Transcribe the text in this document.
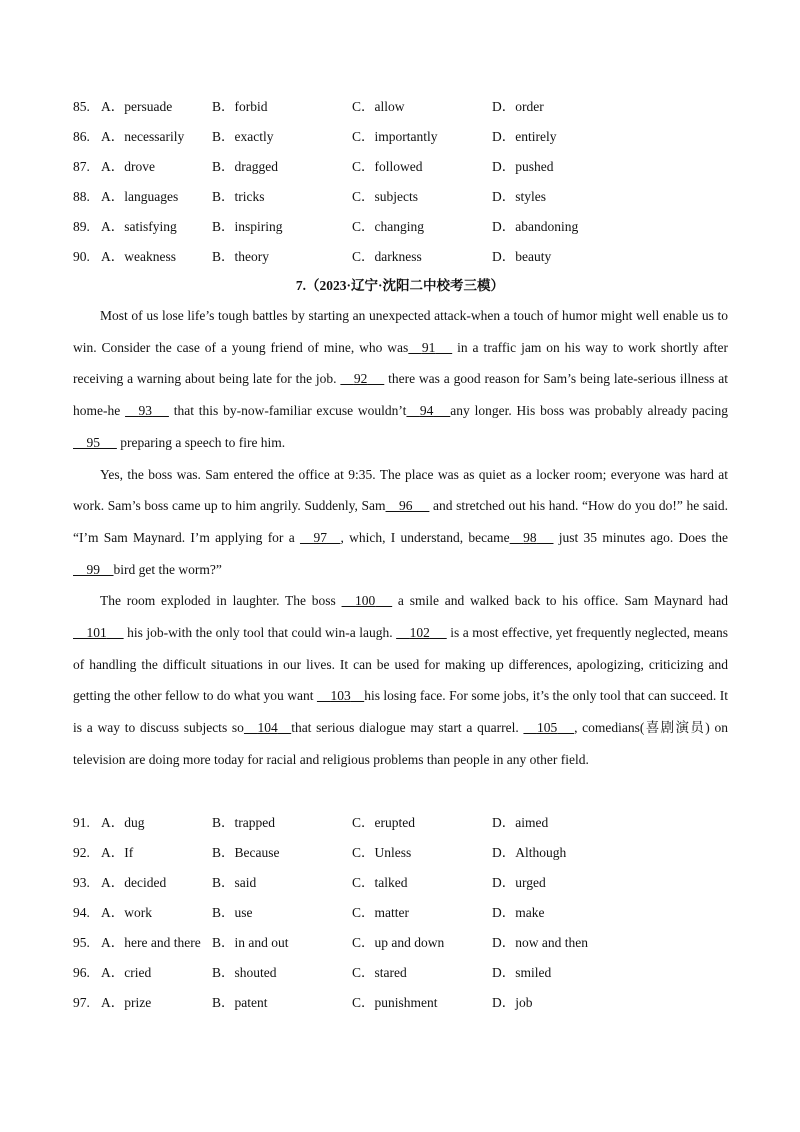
85. A．persuade	B．forbid	C．allow	D．order
86. A．necessarily B．exactly	C．importantly	D．entirely
87. A．drove	B．dragged	C．followed	D．pushed
88. A．languages	B．tricks	C．subjects	D．styles
89. A．satisfying	B．inspiring	C．changing	D．abandoning
90. A．weakness	B．theory	C．darkness	D．beauty
7.（2023·辽宁·沈阳二中校考三模）

Most of us lose life’s tough battles by starting an unexpected attack-when a touch of humor might well enable us to win. Consider the case of a young friend of mine, who was 91      in a traffic jam on his way to work shortly after receiving a warning about being late for the job.     92      there was a good reason for Sam’s being late-serious illness at home-he     93      that this by-now-familiar excuse wouldn’t 94 any longer. His boss was probably already pacing     95      preparing a speech to fire him.

Yes, the boss was. Sam entered the office at 9:35. The place was as quiet as a locker room; everyone was hard at work. Sam’s boss came up to him angrily. Suddenly, Sam 96      and stretched out his hand. “How do you do!” he said. “I’m Sam Maynard. I’m applying for a     97 , which, I understand, became 98      just 35 minutes ago. Does the     99 bird get the worm?”

The room exploded in laughter. The boss     100      a smile and walked back to his office. Sam Maynard had     101      his job-with the only tool that could win-a laugh.     102      is a most effective, yet frequently neglected, means of handling the difficult situations in our lives. It can be used for making up differences, apologizing, criticizing and getting the other fellow to do what you want     103 his losing face. For some jobs, it’s the only tool that can succeed. It is a way to discuss subjects so 104 that serious dialogue may start a quarrel.     105 , comedians(喜剧演员) on television are doing more today for racial and religious problems than people in any other field.

91. A．dug	B．trapped	C．erupted	D．aimed
92. A．If	B．Because	C．Unless	D．Although
93. A．decided	B．said	C．talked	D．urged
94. A．work	B．use	C．matter	D．make
95. A．here and there B．in and out	C．up and down	D．now and then
96. A．cried	B．shouted	C．stared	D．smiled
97. A．prize	B．patent	C．punishment	D．job
